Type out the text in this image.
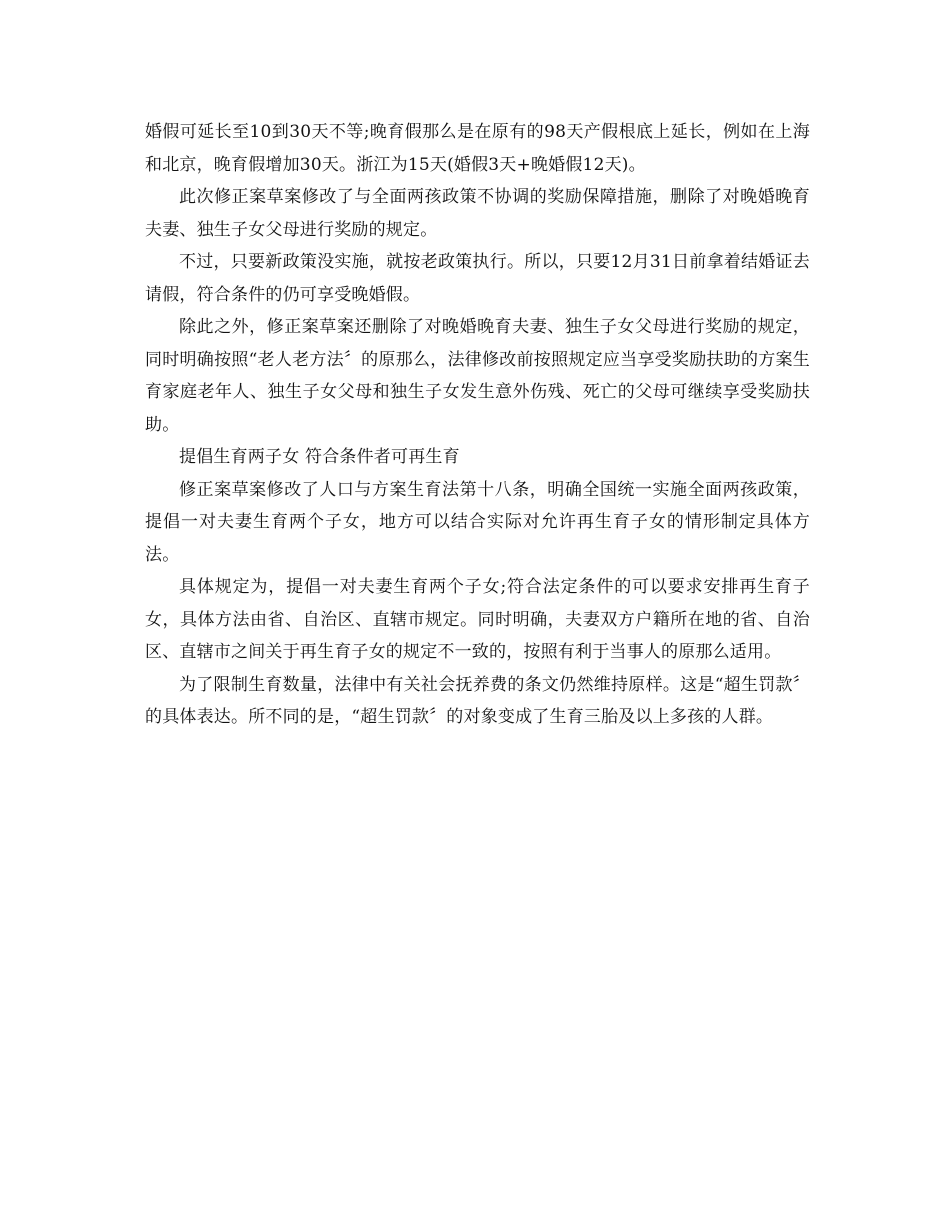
婚假可延长至10到30天不等;晚育假那么是在原有的98天产假根底上延长，例如在上海和北京，晚育假增加30天。浙江为15天(婚假3天+晚婚假12天)。

此次修正案草案修改了与全面两孩政策不协调的奖励保障措施，删除了对晚婚晚育夫妻、独生子女父母进行奖励的规定。

不过，只要新政策没实施，就按老政策执行。所以，只要12月31日前拿着结婚证去请假，符合条件的仍可享受晚婚假。

除此之外，修正案草案还删除了对晚婚晚育夫妻、独生子女父母进行奖励的规定，同时明确按照“老人老方法〞的原那么，法律修改前按照规定应当享受奖励扶助的方案生育家庭老年人、独生子女父母和独生子女发生意外伤残、死亡的父母可继续享受奖励扶助。

提倡生育两子女 符合条件者可再生育

修正案草案修改了人口与方案生育法第十八条，明确全国统一实施全面两孩政策，提倡一对夫妻生育两个子女，地方可以结合实际对允许再生育子女的情形制定具体方法。

具体规定为，提倡一对夫妻生育两个子女;符合法定条件的可以要求安排再生育子女，具体方法由省、自治区、直辖市规定。同时明确，夫妻双方户籍所在地的省、自治区、直辖市之间关于再生育子女的规定不一致的，按照有利于当事人的原那么适用。

为了限制生育数量，法律中有关社会抚养费的条文仍然维持原样。这是“超生罚款〞的具体表达。所不同的是，“超生罚款〞的对象变成了生育三胎及以上多孩的人群。
